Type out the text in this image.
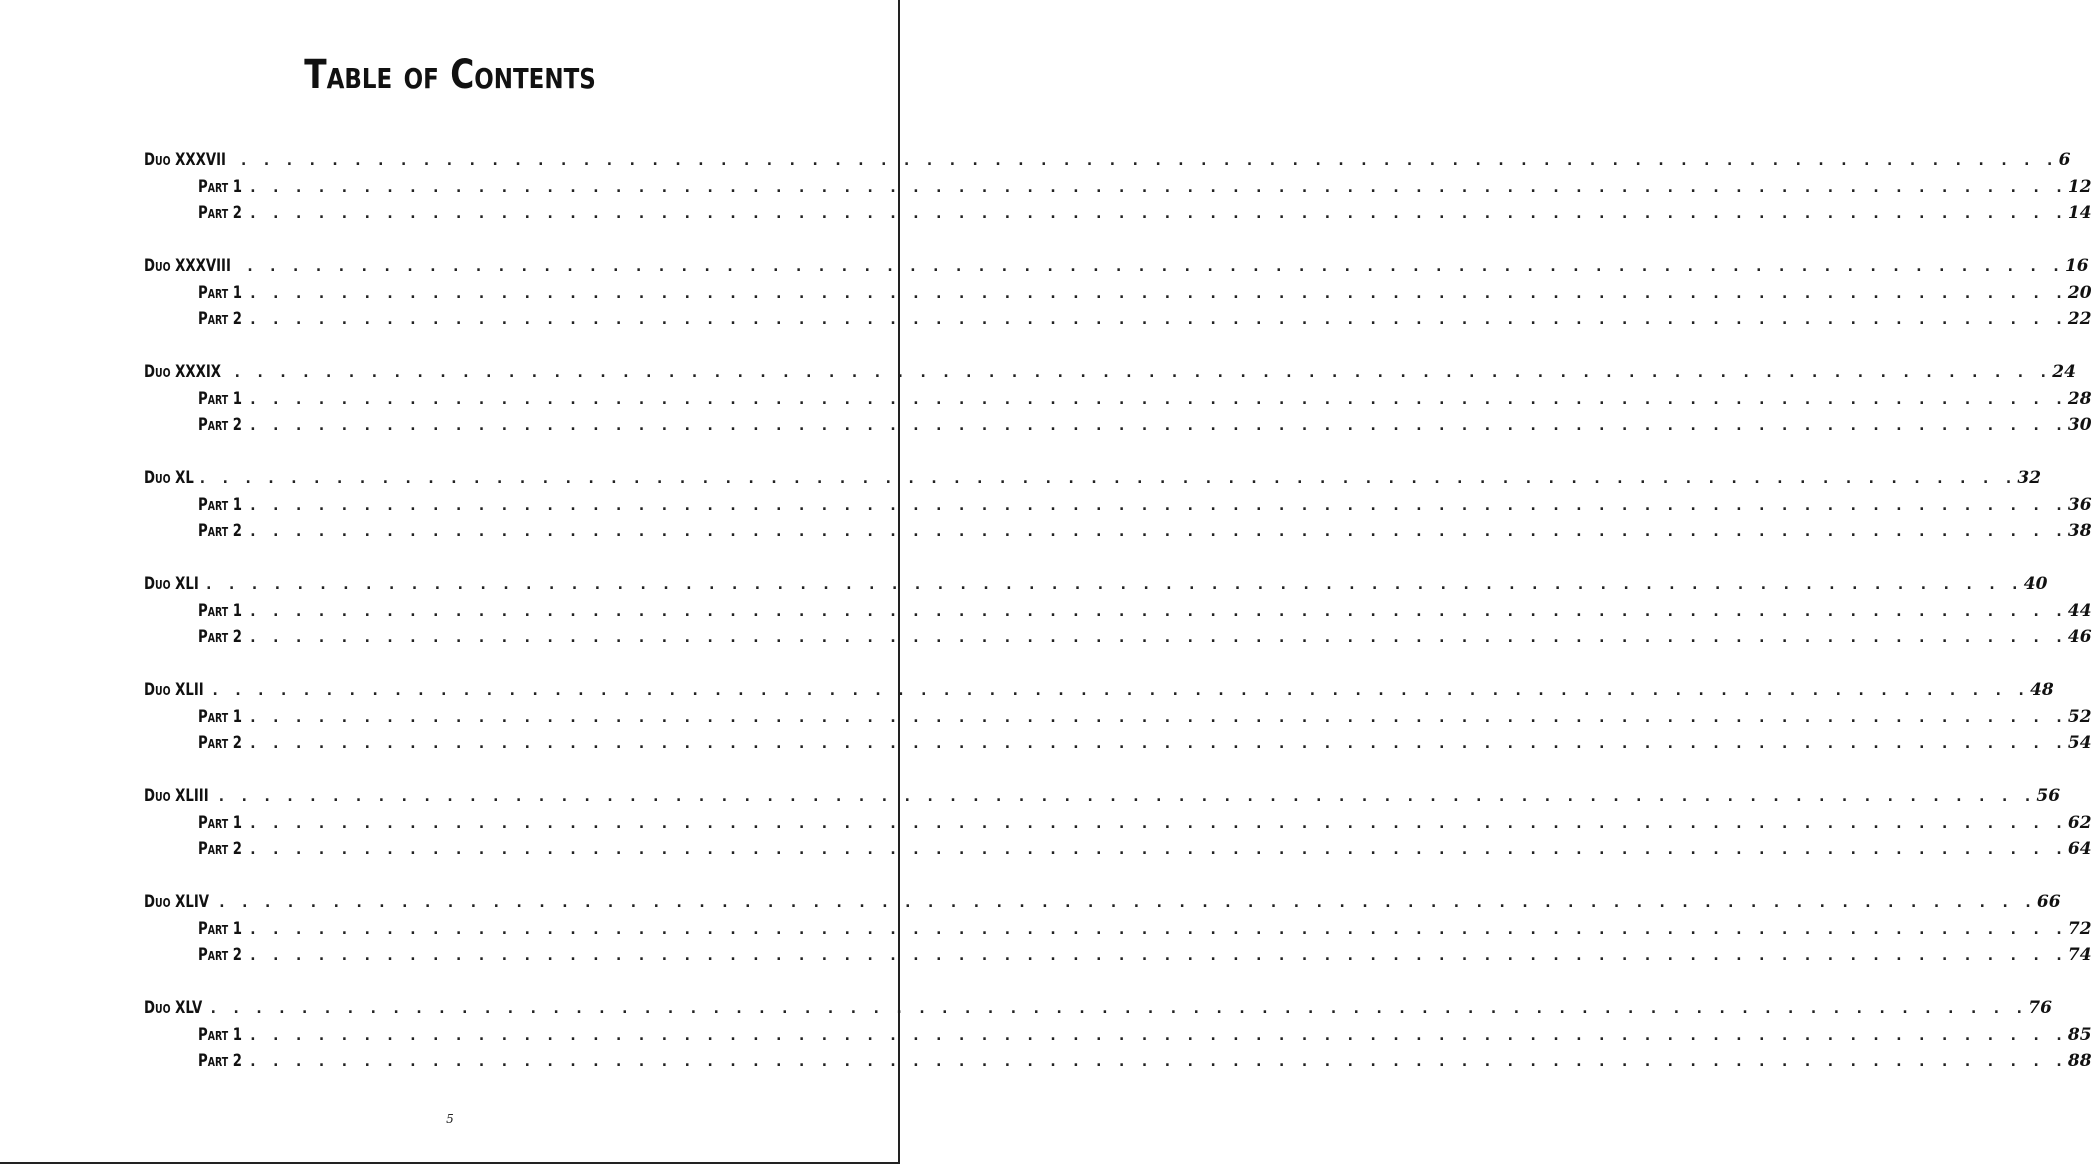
Table of Contents
Duo XXXVII . . . . . . . . . . . . . . . . . . . . . . . . . . . . . . . . . . . . . . . . . . . . . . . . . . . . . . . . . . . . . . . . . . . . . . . . . . . . . . . . 6
Part 1 . . . . . . . . . . . . . . . . . . . . . . . . . . . . . . . . . . . . . . . . . . . . . . . . . . . . . . . . . . . . . . . . . . . . . . . . . . . . . . . . 12
Part 2 . . . . . . . . . . . . . . . . . . . . . . . . . . . . . . . . . . . . . . . . . . . . . . . . . . . . . . . . . . . . . . . . . . . . . . . . . . . . . . . . 14
Duo XXXVIII . . . . . . . . . . . . . . . . . . . . . . . . . . . . . . . . . . . . . . . . . . . . . . . . . . . . . . . . . . . . . . . . . . . . . . . . . . . . . . . . 16
Part 1 . . . . . . . . . . . . . . . . . . . . . . . . . . . . . . . . . . . . . . . . . . . . . . . . . . . . . . . . . . . . . . . . . . . . . . . . . . . . . . . . 20
Part 2 . . . . . . . . . . . . . . . . . . . . . . . . . . . . . . . . . . . . . . . . . . . . . . . . . . . . . . . . . . . . . . . . . . . . . . . . . . . . . . . . 22
Duo XXXIX . . . . . . . . . . . . . . . . . . . . . . . . . . . . . . . . . . . . . . . . . . . . . . . . . . . . . . . . . . . . . . . . . . . . . . . . . . . . . . . . 24
Part 1 . . . . . . . . . . . . . . . . . . . . . . . . . . . . . . . . . . . . . . . . . . . . . . . . . . . . . . . . . . . . . . . . . . . . . . . . . . . . . . . . 28
Part 2 . . . . . . . . . . . . . . . . . . . . . . . . . . . . . . . . . . . . . . . . . . . . . . . . . . . . . . . . . . . . . . . . . . . . . . . . . . . . . . . . 30
Duo XL . . . . . . . . . . . . . . . . . . . . . . . . . . . . . . . . . . . . . . . . . . . . . . . . . . . . . . . . . . . . . . . . . . . . . . . . . . . . . . . . 32
Part 1 . . . . . . . . . . . . . . . . . . . . . . . . . . . . . . . . . . . . . . . . . . . . . . . . . . . . . . . . . . . . . . . . . . . . . . . . . . . . . . . . 36
Part 2 . . . . . . . . . . . . . . . . . . . . . . . . . . . . . . . . . . . . . . . . . . . . . . . . . . . . . . . . . . . . . . . . . . . . . . . . . . . . . . . . 38
Duo XLI . . . . . . . . . . . . . . . . . . . . . . . . . . . . . . . . . . . . . . . . . . . . . . . . . . . . . . . . . . . . . . . . . . . . . . . . . . . . . . . . 40
Part 1 . . . . . . . . . . . . . . . . . . . . . . . . . . . . . . . . . . . . . . . . . . . . . . . . . . . . . . . . . . . . . . . . . . . . . . . . . . . . . . . . 44
Part 2 . . . . . . . . . . . . . . . . . . . . . . . . . . . . . . . . . . . . . . . . . . . . . . . . . . . . . . . . . . . . . . . . . . . . . . . . . . . . . . . . 46
Duo XLII . . . . . . . . . . . . . . . . . . . . . . . . . . . . . . . . . . . . . . . . . . . . . . . . . . . . . . . . . . . . . . . . . . . . . . . . . . . . . . . . 48
Part 1 . . . . . . . . . . . . . . . . . . . . . . . . . . . . . . . . . . . . . . . . . . . . . . . . . . . . . . . . . . . . . . . . . . . . . . . . . . . . . . . . 52
Part 2 . . . . . . . . . . . . . . . . . . . . . . . . . . . . . . . . . . . . . . . . . . . . . . . . . . . . . . . . . . . . . . . . . . . . . . . . . . . . . . . . 54
Duo XLIII . . . . . . . . . . . . . . . . . . . . . . . . . . . . . . . . . . . . . . . . . . . . . . . . . . . . . . . . . . . . . . . . . . . . . . . . . . . . . . . . 56
Part 1 . . . . . . . . . . . . . . . . . . . . . . . . . . . . . . . . . . . . . . . . . . . . . . . . . . . . . . . . . . . . . . . . . . . . . . . . . . . . . . . . 62
Part 2 . . . . . . . . . . . . . . . . . . . . . . . . . . . . . . . . . . . . . . . . . . . . . . . . . . . . . . . . . . . . . . . . . . . . . . . . . . . . . . . . 64
Duo XLIV . . . . . . . . . . . . . . . . . . . . . . . . . . . . . . . . . . . . . . . . . . . . . . . . . . . . . . . . . . . . . . . . . . . . . . . . . . . . . . . . 66
Part 1 . . . . . . . . . . . . . . . . . . . . . . . . . . . . . . . . . . . . . . . . . . . . . . . . . . . . . . . . . . . . . . . . . . . . . . . . . . . . . . . . 72
Part 2 . . . . . . . . . . . . . . . . . . . . . . . . . . . . . . . . . . . . . . . . . . . . . . . . . . . . . . . . . . . . . . . . . . . . . . . . . . . . . . . . 74
Duo XLV . . . . . . . . . . . . . . . . . . . . . . . . . . . . . . . . . . . . . . . . . . . . . . . . . . . . . . . . . . . . . . . . . . . . . . . . . . . . . . . . 76
Part 1 . . . . . . . . . . . . . . . . . . . . . . . . . . . . . . . . . . . . . . . . . . . . . . . . . . . . . . . . . . . . . . . . . . . . . . . . . . . . . . . . 85
Part 2 . . . . . . . . . . . . . . . . . . . . . . . . . . . . . . . . . . . . . . . . . . . . . . . . . . . . . . . . . . . . . . . . . . . . . . . . . . . . . . . . 88
5
